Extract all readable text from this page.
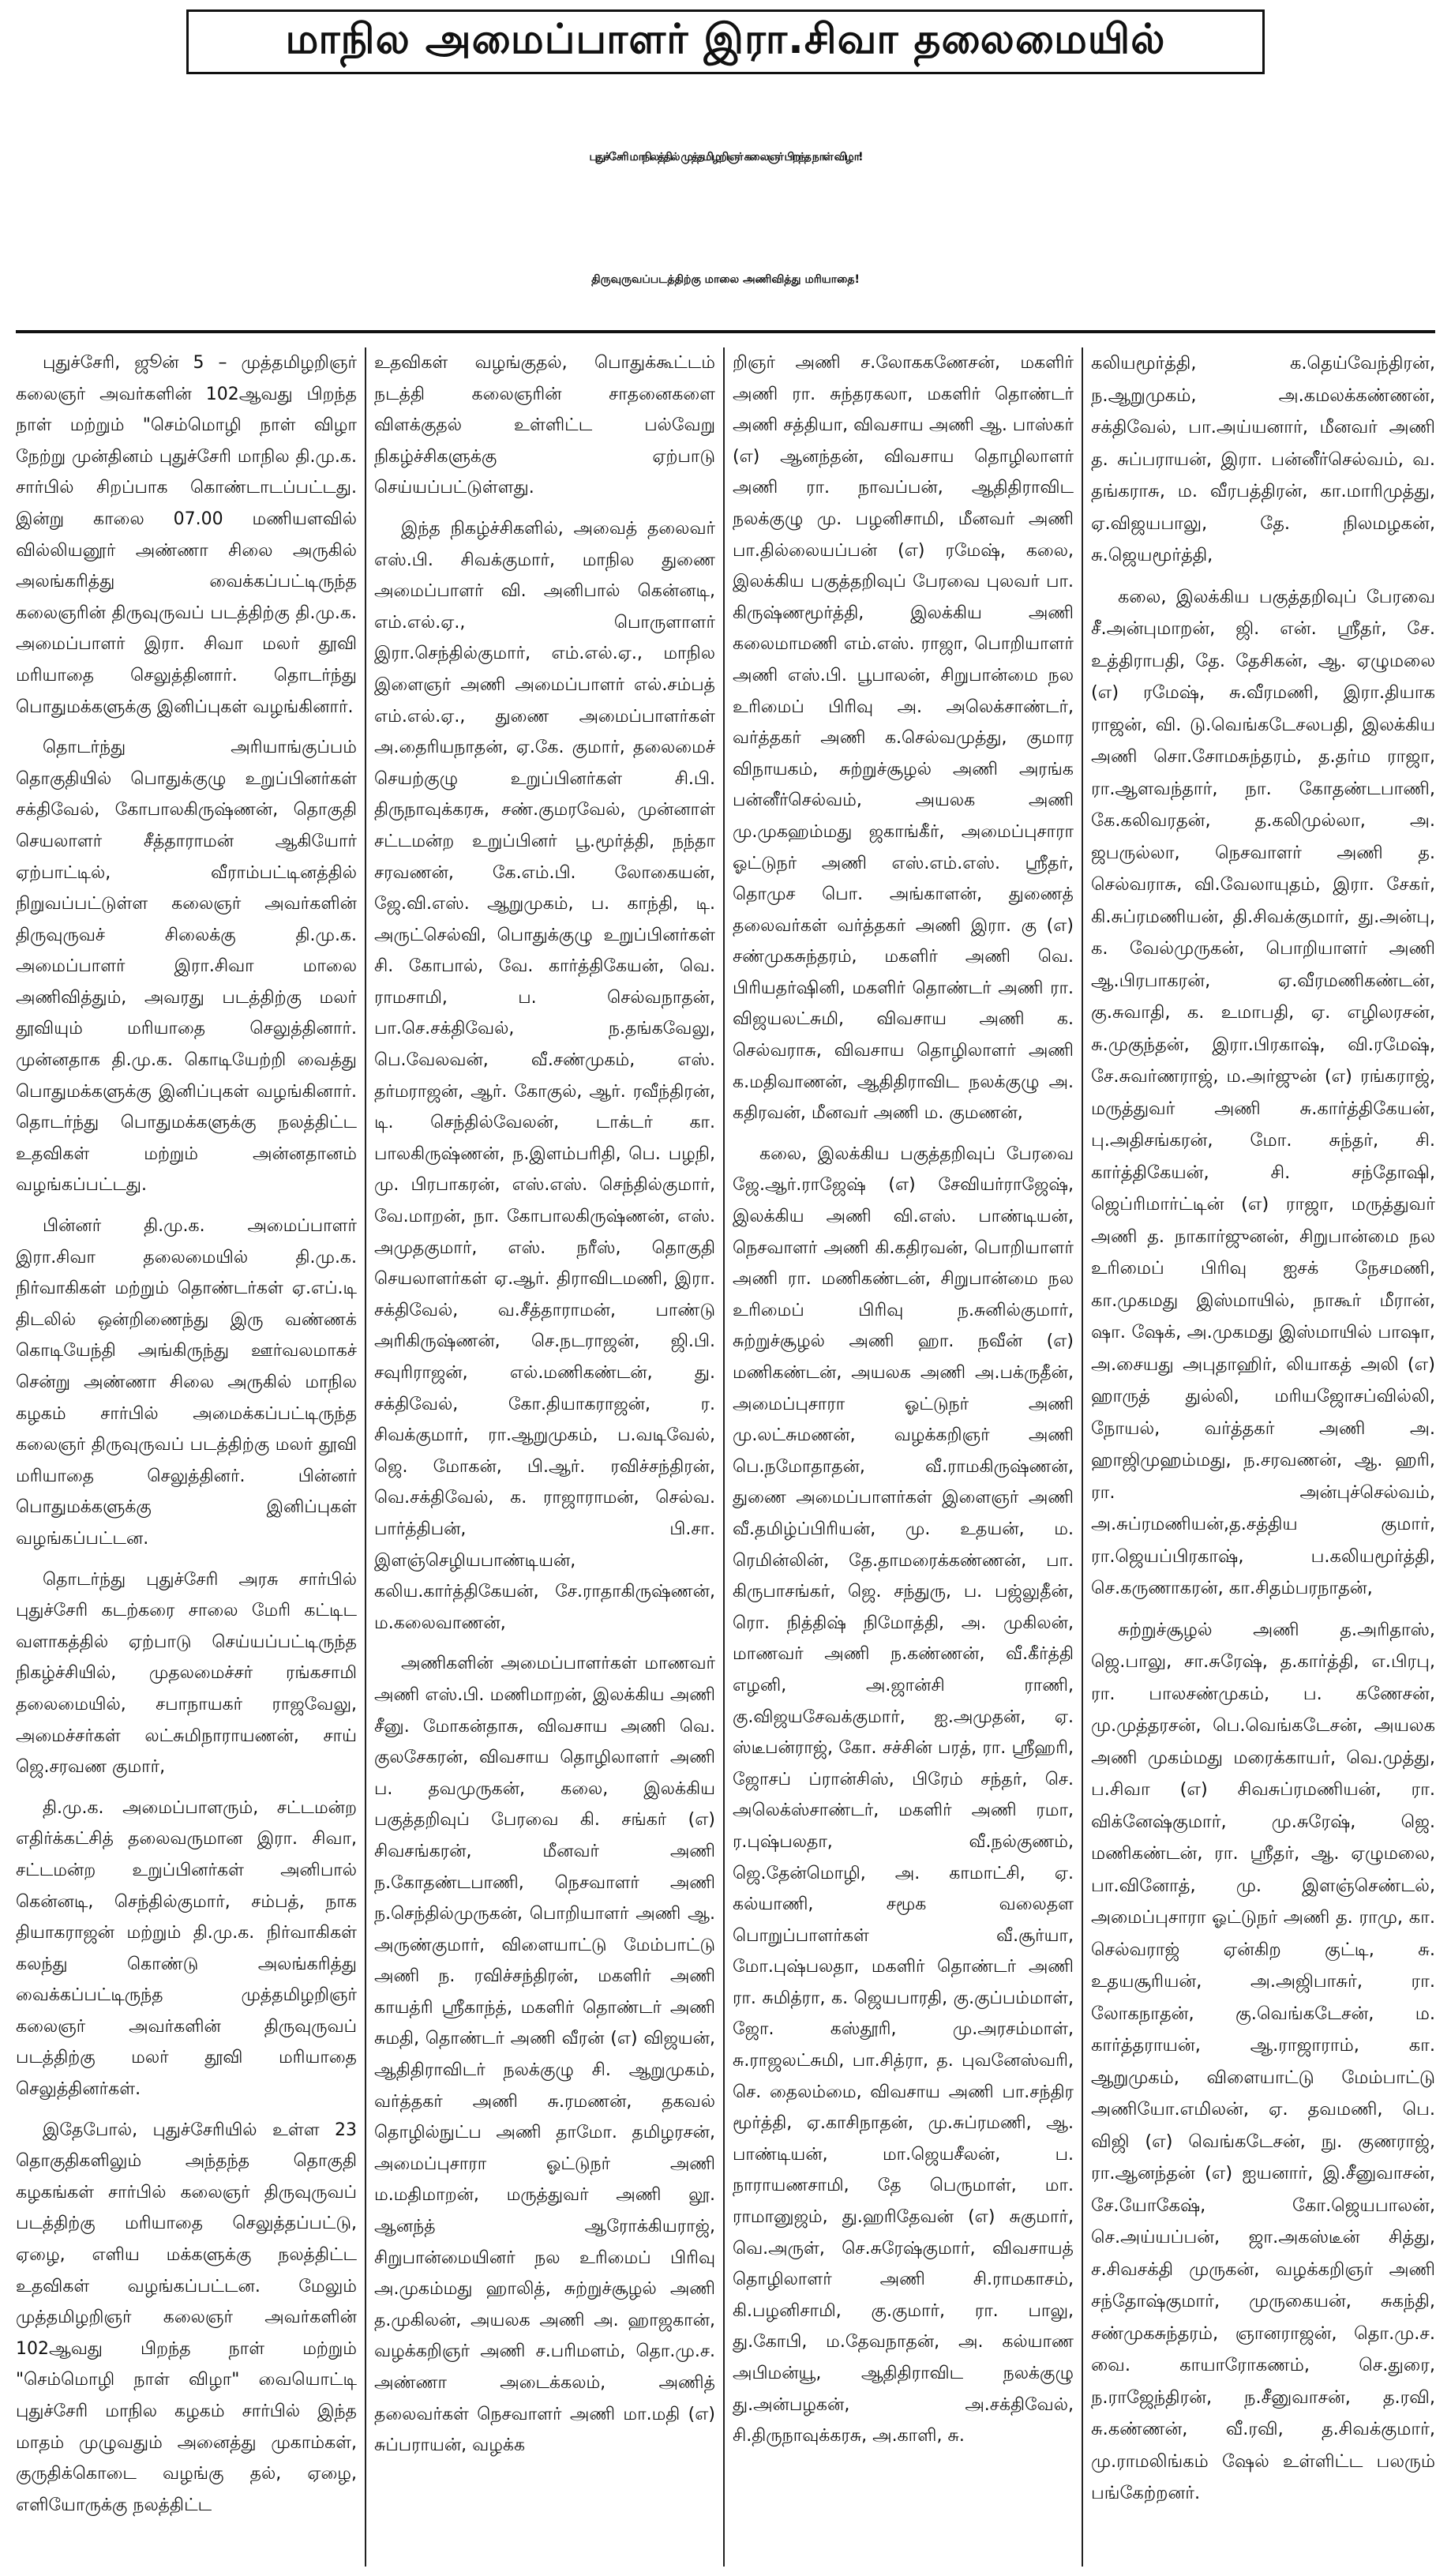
மாநில அமைப்பாளர் இரா.சிவா தலைமையில்
புதுச்சேரி மாநிலத்தில் முத்தமிழறிஞர் கலைஞர் பிறந்த நாள் விழா!
திருவுருவப்படத்திற்கு மாலை அணிவித்து மரியாதை!

புதுச்சேரி, ஜூன் 5 – முத்தமிழறிஞர் கலைஞர் அவர்களின் 102ஆவது பிறந்த நாள் மற்றும் "செம்மொழி நாள் விழா நேற்று முன்தினம் புதுச்சேரி மாநில தி.மு.க. சார்பில் சிறப்பாக கொண்டாடப்பட்டது. இன்று காலை 07.00 மணியளவில் வில்லியனூர் அண்ணா சிலை அருகில் அலங்கரித்து வைக்கப்பட்டிருந்த கலைஞரின் திருவுருவப் படத்திற்கு தி.மு.க. அமைப்பாளர் இரா. சிவா மலர் தூவி மரியாதை செலுத்தினார். தொடர்ந்து பொதுமக்களுக்கு இனிப்புகள் வழங்கினார்.

தொடர்ந்து அரியாங்குப்பம் தொகுதியில் பொதுக்குழு உறுப்பினர்கள் சக்திவேல், கோபாலகிருஷ்ணன், தொகுதி செயலாளர் சீத்தாராமன் ஆகியோர் ஏற்பாட்டில், வீராம்பட்டினத்தில் நிறுவப்பட்டுள்ள கலைஞர் அவர்களின் திருவுருவச் சிலைக்கு தி.மு.க. அமைப்பாளர் இரா.சிவா மாலை அணிவித்தும், அவரது படத்திற்கு மலர் தூவியும் மரியாதை செலுத்தினார். முன்னதாக தி.மு.க. கொடியேற்றி வைத்து பொதுமக்களுக்கு இனிப்புகள் வழங்கினார். தொடர்ந்து பொதுமக்களுக்கு நலத்திட்ட உதவிகள் மற்றும் அன்னதானம் வழங்கப்பட்டது.

பின்னர் தி.மு.க. அமைப்பாளர் இரா.சிவா தலைமையில் தி.மு.க. நிர்வாகிகள் மற்றும் தொண்டர்கள் ஏ.எப்.டி திடலில் ஒன்றிணைந்து இரு வண்ணக் கொடியேந்தி அங்கிருந்து ஊர்வலமாகச் சென்று அண்ணா சிலை அருகில் மாநில கழகம் சார்பில் அமைக்கப்பட்டிருந்த கலைஞர் திருவுருவப் படத்திற்கு மலர் தூவி மரியாதை செலுத்தினர். பின்னர் பொதுமக்களுக்கு இனிப்புகள் வழங்கப்பட்டன.

தொடர்ந்து புதுச்சேரி அரசு சார்பில் புதுச்சேரி கடற்கரை சாலை மேரி கட்டிட வளாகத்தில் ஏற்பாடு செய்யப்பட்டிருந்த நிகழ்ச்சியில், முதலமைச்சர் ரங்கசாமி தலைமையில், சபாநாயகர் ராஜவேலு, அமைச்சர்கள் லட்சுமிநாராயணன், சாய் ஜெ.சரவண குமார்,

தி.மு.க. அமைப்பாளரும், சட்டமன்ற எதிர்க்கட்சித் தலைவருமான இரா. சிவா, சட்டமன்ற உறுப்பினர்கள் அனிபால் கென்னடி, செந்தில்குமார், சம்பத், நாக தியாகராஜன் மற்றும் தி.மு.க. நிர்வாகிகள் கலந்து கொண்டு அலங்கரித்து வைக்கப்பட்டிருந்த முத்தமிழறிஞர் கலைஞர் அவர்களின் திருவுருவப் படத்திற்கு மலர் தூவி மரியாதை செலுத்தினர்கள்.

இதேபோல், புதுச்சேரியில் உள்ள 23 தொகுதிகளிலும் அந்தந்த தொகுதி கழகங்கள் சார்பில் கலைஞர் திருவுருவப் படத்திற்கு மரியாதை செலுத்தப்பட்டு, ஏழை, எளிய மக்களுக்கு நலத்திட்ட உதவிகள் வழங்கப்பட்டன. மேலும் முத்தமிழறிஞர் கலைஞர் அவர்களின் 102ஆவது பிறந்த நாள் மற்றும் "செம்மொழி நாள் விழா" வையொட்டி புதுச்சேரி மாநில கழகம் சார்பில் இந்த மாதம் முழுவதும் அனைத்து முகாம்கள், குருதிக்கொடை வழங்கு தல், ஏழை, எளியோருக்கு நலத்திட்ட

உதவிகள் வழங்குதல், பொதுக்கூட்டம் நடத்தி கலைஞரின் சாதனைகளை விளக்குதல் உள்ளிட்ட பல்வேறு நிகழ்ச்சிகளுக்கு ஏற்பாடு செய்யப்பட்டுள்ளது.

இந்த நிகழ்ச்சிகளில், அவைத் தலைவர் எஸ்.பி. சிவக்குமார், மாநில துணை அமைப்பாளர் வி. அனிபால் கென்னடி, எம்.எல்.ஏ., பொருளாளர் இரா.செந்தில்குமார், எம்.எல்.ஏ., மாநில இளைஞர் அணி அமைப்பாளர் எல்.சம்பத் எம்.எல்.ஏ., துணை அமைப்பாளர்கள் அ.தைரியநாதன், ஏ.கே. குமார், தலைமைச் செயற்குழு உறுப்பினர்கள் சி.பி. திருநாவுக்கரசு, சண்.குமரவேல், முன்னாள் சட்டமன்ற உறுப்பினர் பூ.மூர்த்தி, நந்தா சரவணன், கே.எம்.பி. லோகையன், ஜே.வி.எஸ். ஆறுமுகம், ப. காந்தி, டி. அருட்செல்வி, பொதுக்குழு உறுப்பினர்கள் சி. கோபால், வே. கார்த்திகேயன், வெ. ராமசாமி, ப. செல்வநாதன், பா.செ.சக்திவேல், ந.தங்கவேலு, பெ.வேலவன், வீ.சண்முகம், எஸ். தர்மராஜன், ஆர். கோகுல், ஆர். ரவீந்திரன், டி. செந்தில்வேலன், டாக்டர் கா. பாலகிருஷ்ணன், ந.இளம்பரிதி, பெ. பழநி, மு. பிரபாகரன், எஸ்.எஸ். செந்தில்குமார், வே.மாறன், நா. கோபாலகிருஷ்ணன், எஸ். அமுதகுமார், எஸ். நரீஸ், தொகுதி செயலாளர்கள் ஏ.ஆர். திராவிடமணி, இரா. சக்திவேல், வ.சீத்தாராமன், பாண்டு அரிகிருஷ்ணன், செ.நடராஜன், ஜி.பி. சவுரிராஜன், எல்.மணிகண்டன், து. சக்திவேல், கோ.தியாகராஜன், ர. சிவக்குமார், ரா.ஆறுமுகம், ப.வடிவேல், ஜெ. மோகன், பி.ஆர். ரவிச்சந்திரன், வெ.சக்திவேல், க. ராஜாராமன், செல்வ. பார்த்திபன், பி.சா. இளஞ்செழியபாண்டியன், கலிய.கார்த்திகேயன், சே.ராதாகிருஷ்ணன், ம.கலைவாணன்,

அணிகளின் அமைப்பாளர்கள் மாணவர் அணி எஸ்.பி. மணிமாறன், இலக்கிய அணி சீனு. மோகன்தாசு, விவசாய அணி வெ. குலசேகரன், விவசாய தொழிலாளர் அணி ப. தவமுருகன், கலை, இலக்கிய பகுத்தறிவுப் பேரவை கி. சங்கர் (எ) சிவசங்கரன், மீனவர் அணி ந.கோதண்டபாணி, நெசவாளர் அணி ந.செந்தில்முருகன், பொறியாளர் அணி ஆ. அருண்குமார், விளையாட்டு மேம்பாட்டு அணி ந. ரவிச்சந்திரன், மகளிர் அணி காயத்ரி ஸ்ரீகாந்த், மகளிர் தொண்டர் அணி சுமதி, தொண்டர் அணி வீரன் (எ) விஜயன், ஆதிதிராவிடர் நலக்குழு சி. ஆறுமுகம், வர்த்தகர் அணி சு.ரமணன், தகவல் தொழில்நுட்ப அணி தாமோ. தமிழரசன், அமைப்புசாரா ஓட்டுநர் அணி ம.மதிமாறன், மருத்துவர் அணி லூ. ஆனந்த் ஆரோக்கியராஜ், சிறுபான்மையினர் நல உரிமைப் பிரிவு அ.முகம்மது ஹாலித், சுற்றுச்சூழல் அணி த.முகிலன், அயலக அணி அ. ஹாஜகான், வழக்கறிஞர் அணி ச.பரிமளம், தொ.மு.ச. அண்ணா அடைக்கலம், அணித் தலைவர்கள் நெசவாளர் அணி மா.மதி (எ) சுப்பராயன், வழக்க

றிஞர் அணி ச.லோககணேசன், மகளிர் அணி ரா. சுந்தரகலா, மகளிர் தொண்டர் அணி சத்தியா, விவசாய அணி ஆ. பாஸ்கர் (எ) ஆனந்தன், விவசாய தொழிலாளர் அணி ரா. நாவப்பன், ஆதிதிராவிட நலக்குழு மு. பழனிசாமி, மீனவர் அணி பா.தில்லையப்பன் (எ) ரமேஷ், கலை, இலக்கிய பகுத்தறிவுப் பேரவை புலவர் பா. கிருஷ்ணமூர்த்தி, இலக்கிய அணி கலைமாமணி எம்.எஸ். ராஜா, பொறியாளர் அணி எஸ்.பி. பூபாலன், சிறுபான்மை நல உரிமைப் பிரிவு அ. அலெக்சாண்டர், வர்த்தகர் அணி க.செல்வமுத்து, குமார விநாயகம், சுற்றுச்சூழல் அணி அரங்க பன்னீர்செல்வம், அயலக அணி மு.முகஹம்மது ஜகாங்கீர், அமைப்புசாரா ஓட்டுநர் அணி எஸ்.எம்.எஸ். ஸ்ரீதர், தொமுச பொ. அங்காளன், துணைத் தலைவர்கள் வர்த்தகர் அணி இரா. கு (எ) சண்முகசுந்தரம், மகளிர் அணி வெ. பிரியதர்ஷினி, மகளிர் தொண்டர் அணி ரா. விஜயலட்சுமி, விவசாய அணி க. செல்வராசு, விவசாய தொழிலாளர் அணி க.மதிவாணன், ஆதிதிராவிட நலக்குழு அ. கதிரவன், மீனவர் அணி ம. குமணன்,

கலை, இலக்கிய பகுத்தறிவுப் பேரவை ஜே.ஆர்.ராஜேஷ் (எ) சேவியர்ராஜேஷ், இலக்கிய அணி வி.எஸ். பாண்டியன், நெசவாளர் அணி கி.கதிரவன், பொறியாளர் அணி ரா. மணிகண்டன், சிறுபான்மை நல உரிமைப் பிரிவு ந.சுனில்குமார், சுற்றுச்சூழல் அணி ஹா. நவீன் (எ) மணிகண்டன், அயலக அணி அ.பக்ருதீன், அமைப்புசாரா ஓட்டுநர் அணி மு.லட்சுமணன், வழக்கறிஞர் அணி பெ.நமோதாதன், வீ.ராமகிருஷ்ணன், துணை அமைப்பாளர்கள் இளைஞர் அணி வீ.தமிழ்ப்பிரியன், மு. உதயன், ம. ரெமின்லின், தே.தாமரைக்கண்ணன், பா. கிருபாசங்கர், ஜெ. சந்துரு, ப. பஜ்லுதீன், ரொ. நித்திஷ் நிமோத்தி, அ. முகிலன், மாணவர் அணி ந.கண்ணன், வீ.கீர்த்தி எழனி, அ.ஜான்சி ராணி, கு.விஜயசேவக்குமார், ஐ.அமுதன், ஏ. ஸ்டீபன்ராஜ், கோ. சச்சின் பரத், ரா. ஸ்ரீஹரி, ஜோசப் ப்ரான்சிஸ், பிரேம் சந்தர், செ. அலெக்ஸ்சாண்டர், மகளிர் அணி ரமா, ர.புஷ்பலதா, வீ.நல்குணம், ஜெ.தேன்மொழி, அ. காமாட்சி, ஏ. கல்யாணி, சமூக வலைதள பொறுப்பாளர்கள் வீ.சூர்யா, மோ.புஷ்பலதா, மகளிர் தொண்டர் அணி ரா. சுமித்ரா, க. ஜெயபாரதி, கு.குப்பம்மாள், ஜோ. கஸ்தூரி, மு.அரசம்மாள், சு.ராஜலட்சுமி, பா.சித்ரா, த. புவனேஸ்வரி, செ. தைலம்மை, விவசாய அணி பா.சந்திர மூர்த்தி, ஏ.காசிநாதன், மு.சுப்ரமணி, ஆ. பாண்டியன், மா.ஜெயசீலன், ப. நாராயணசாமி, தே பெருமாள், மா. ராமானுஜம், து.ஹரிதேவன் (எ) சுகுமார், வெ.அருள், செ.சுரேஷ்குமார், விவசாயத் தொழிலாளர் அணி சி.ராமகாசம், கி.பழனிசாமி, கு.குமார், ரா. பாலு, து.கோபி, ம.தேவநாதன், அ. கல்யாண அபிமன்யூ, ஆதிதிராவிட நலக்குழு து.அன்பழகன், அ.சக்திவேல், சி.திருநாவுக்கரசு, அ.காளி, சு.

கலியமூர்த்தி, க.தெய்வேந்திரன், ந.ஆறுமுகம், அ.கமலக்கண்ணன், சக்திவேல், பா.அய்யனார், மீனவர் அணி த. சுப்பராயன், இரா. பன்னீர்செல்வம், வ. தங்கராசு, ம. வீரபத்திரன், கா.மாரிமுத்து, ஏ.விஜயபாலு, தே. நிலமழகன், சு.ஜெயமூர்த்தி,

கலை, இலக்கிய பகுத்தறிவுப் பேரவை சீ.அன்புமாறன், ஜி. என். ஸ்ரீதர், சே. உத்திராபதி, தே. தேசிகன், ஆ. ஏழுமலை (எ) ரமேஷ், சு.வீரமணி, இரா.தியாக ராஜன், வி. டு.வெங்கடேசலபதி, இலக்கிய அணி சொ.சோமசுந்தரம், த.தர்ம ராஜா, ரா.ஆளவந்தார், நா. கோதண்டபாணி, கே.கலிவரதன், த.கலிமுல்லா, அ. ஜபருல்லா, நெசவாளர் அணி த. செல்வராசு, வி.வேலாயுதம், இரா. சேகர், கி.சுப்ரமணியன், தி.சிவக்குமார், து.அன்பு, க. வேல்முருகன், பொறியாளர் அணி ஆ.பிரபாகரன், ஏ.வீரமணிகண்டன், கு.சுவாதி, க. உமாபதி, ஏ. எழிலரசன், சு.முகுந்தன், இரா.பிரகாஷ், வி.ரமேஷ், சே.சுவர்ணராஜ், ம.அர்ஜுன் (எ) ரங்கராஜ், மருத்துவர் அணி சு.கார்த்திகேயன், பு.அதிசங்கரன், மோ. சுந்தர், சி. கார்த்திகேயன், சி. சந்தோஷி, ஜெப்ரிமார்ட்டின் (எ) ராஜா, மருத்துவர் அணி த. நாகார்ஜுனன், சிறுபான்மை நல உரிமைப் பிரிவு ஐசக் நேசமணி, கா.முகமது இஸ்மாயில், நாகூர் மீரான், ஷா. ஷேக், அ.முகமது இஸ்மாயில் பாஷா, அ.சையது அபுதாஹிர், லியாகத் அலி (எ) ஹாருத் துல்லி, மரியஜோசப்வில்லி, நோயல், வர்த்தகர் அணி அ. ஹாஜிமுஹம்மது, ந.சரவணன், ஆ. ஹரி, ரா. அன்புச்செல்வம், அ.சுப்ரமணியன்,த.சத்திய குமார், ரா.ஜெயப்பிரகாஷ், ப.கலியமூர்த்தி, செ.கருணாகரன், கா.சிதம்பரநாதன்,

சுற்றுச்சூழல் அணி த.அரிதாஸ், ஜெ.பாலு, சா.சுரேஷ், த.கார்த்தி, எ.பிரபு, ரா. பாலசண்முகம், ப. கணேசன், மு.முத்தரசன், பெ.வெங்கடேசன், அயலக அணி முகம்மது மரைக்காயர், வெ.முத்து, ப.சிவா (எ) சிவசுப்ரமணியன், ரா. விக்னேஷ்குமார், மு.சுரேஷ், ஜெ. மணிகண்டன், ரா. ஸ்ரீதர், ஆ. ஏழுமலை, பா.வினோத், மு. இளஞ்செண்டல், அமைப்புசாரா ஓட்டுநர் அணி த. ராமு, கா. செல்வராஜ் ஏன்கிற குட்டி, சு. உதயசூரியன், அ.அஜிபாசுர், ரா. லோகநாதன், கு.வெங்கடேசன், ம. கார்த்தராயன், ஆ.ராஜாராம், கா. ஆறுமுகம், விளையாட்டு மேம்பாட்டு அணியோ.எமிலன், ஏ. தவமணி, பெ. விஜி (எ) வெங்கடேசன், நு. குணராஜ், ரா.ஆனந்தன் (எ) ஐயனார், இ.சீனுவாசன், சே.யோகேஷ், கோ.ஜெயபாலன், செ.அய்யப்பன், ஜா.அகஸ்டீன் சித்து, ச.சிவசக்தி முருகன், வழக்கறிஞர் அணி சந்தோஷ்குமார், முருகையன், சுகந்தி, சண்முகசுந்தரம், ஞானராஜன், தொ.மு.ச. வை. காயாரோகணம், செ.துரை, ந.ராஜேந்திரன், ந.சீனுவாசன், த.ரவி, சு.கண்ணன், வீ.ரவி, த.சிவக்குமார், மு.ராமலிங்கம் ஷேல் உள்ளிட்ட பலரும் பங்கேற்றனர்.
